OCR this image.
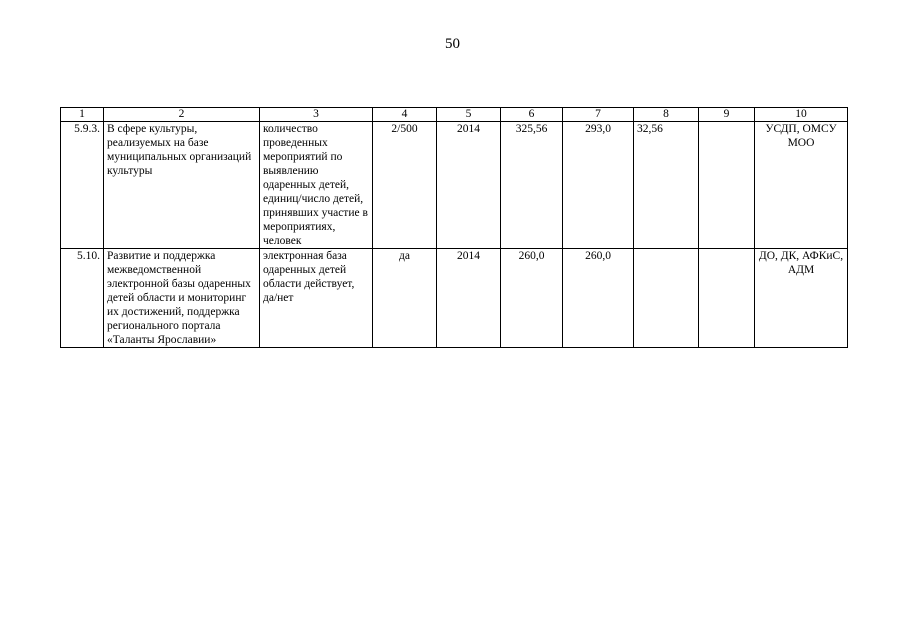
50
1	2	3	4	5	6	7	8	9	10
5.9.3.	В сфере культуры, реализуемых на базе муниципальных организаций культуры	количество проведенных мероприятий по выявлению одаренных детей, единиц/число детей, принявших участие в мероприятиях, человек	2/500	2014	325,56	293,0	32,56		УСДП, ОМСУ МОО
5.10.	Развитие и поддержка межведомственной электронной базы одаренных детей области и мониторинг их достижений, поддержка регионального портала «Таланты Ярославии»	электронная база одаренных детей области действует, да/нет	да	2014	260,0	260,0			ДО, ДК, АФКиС, АДМ
